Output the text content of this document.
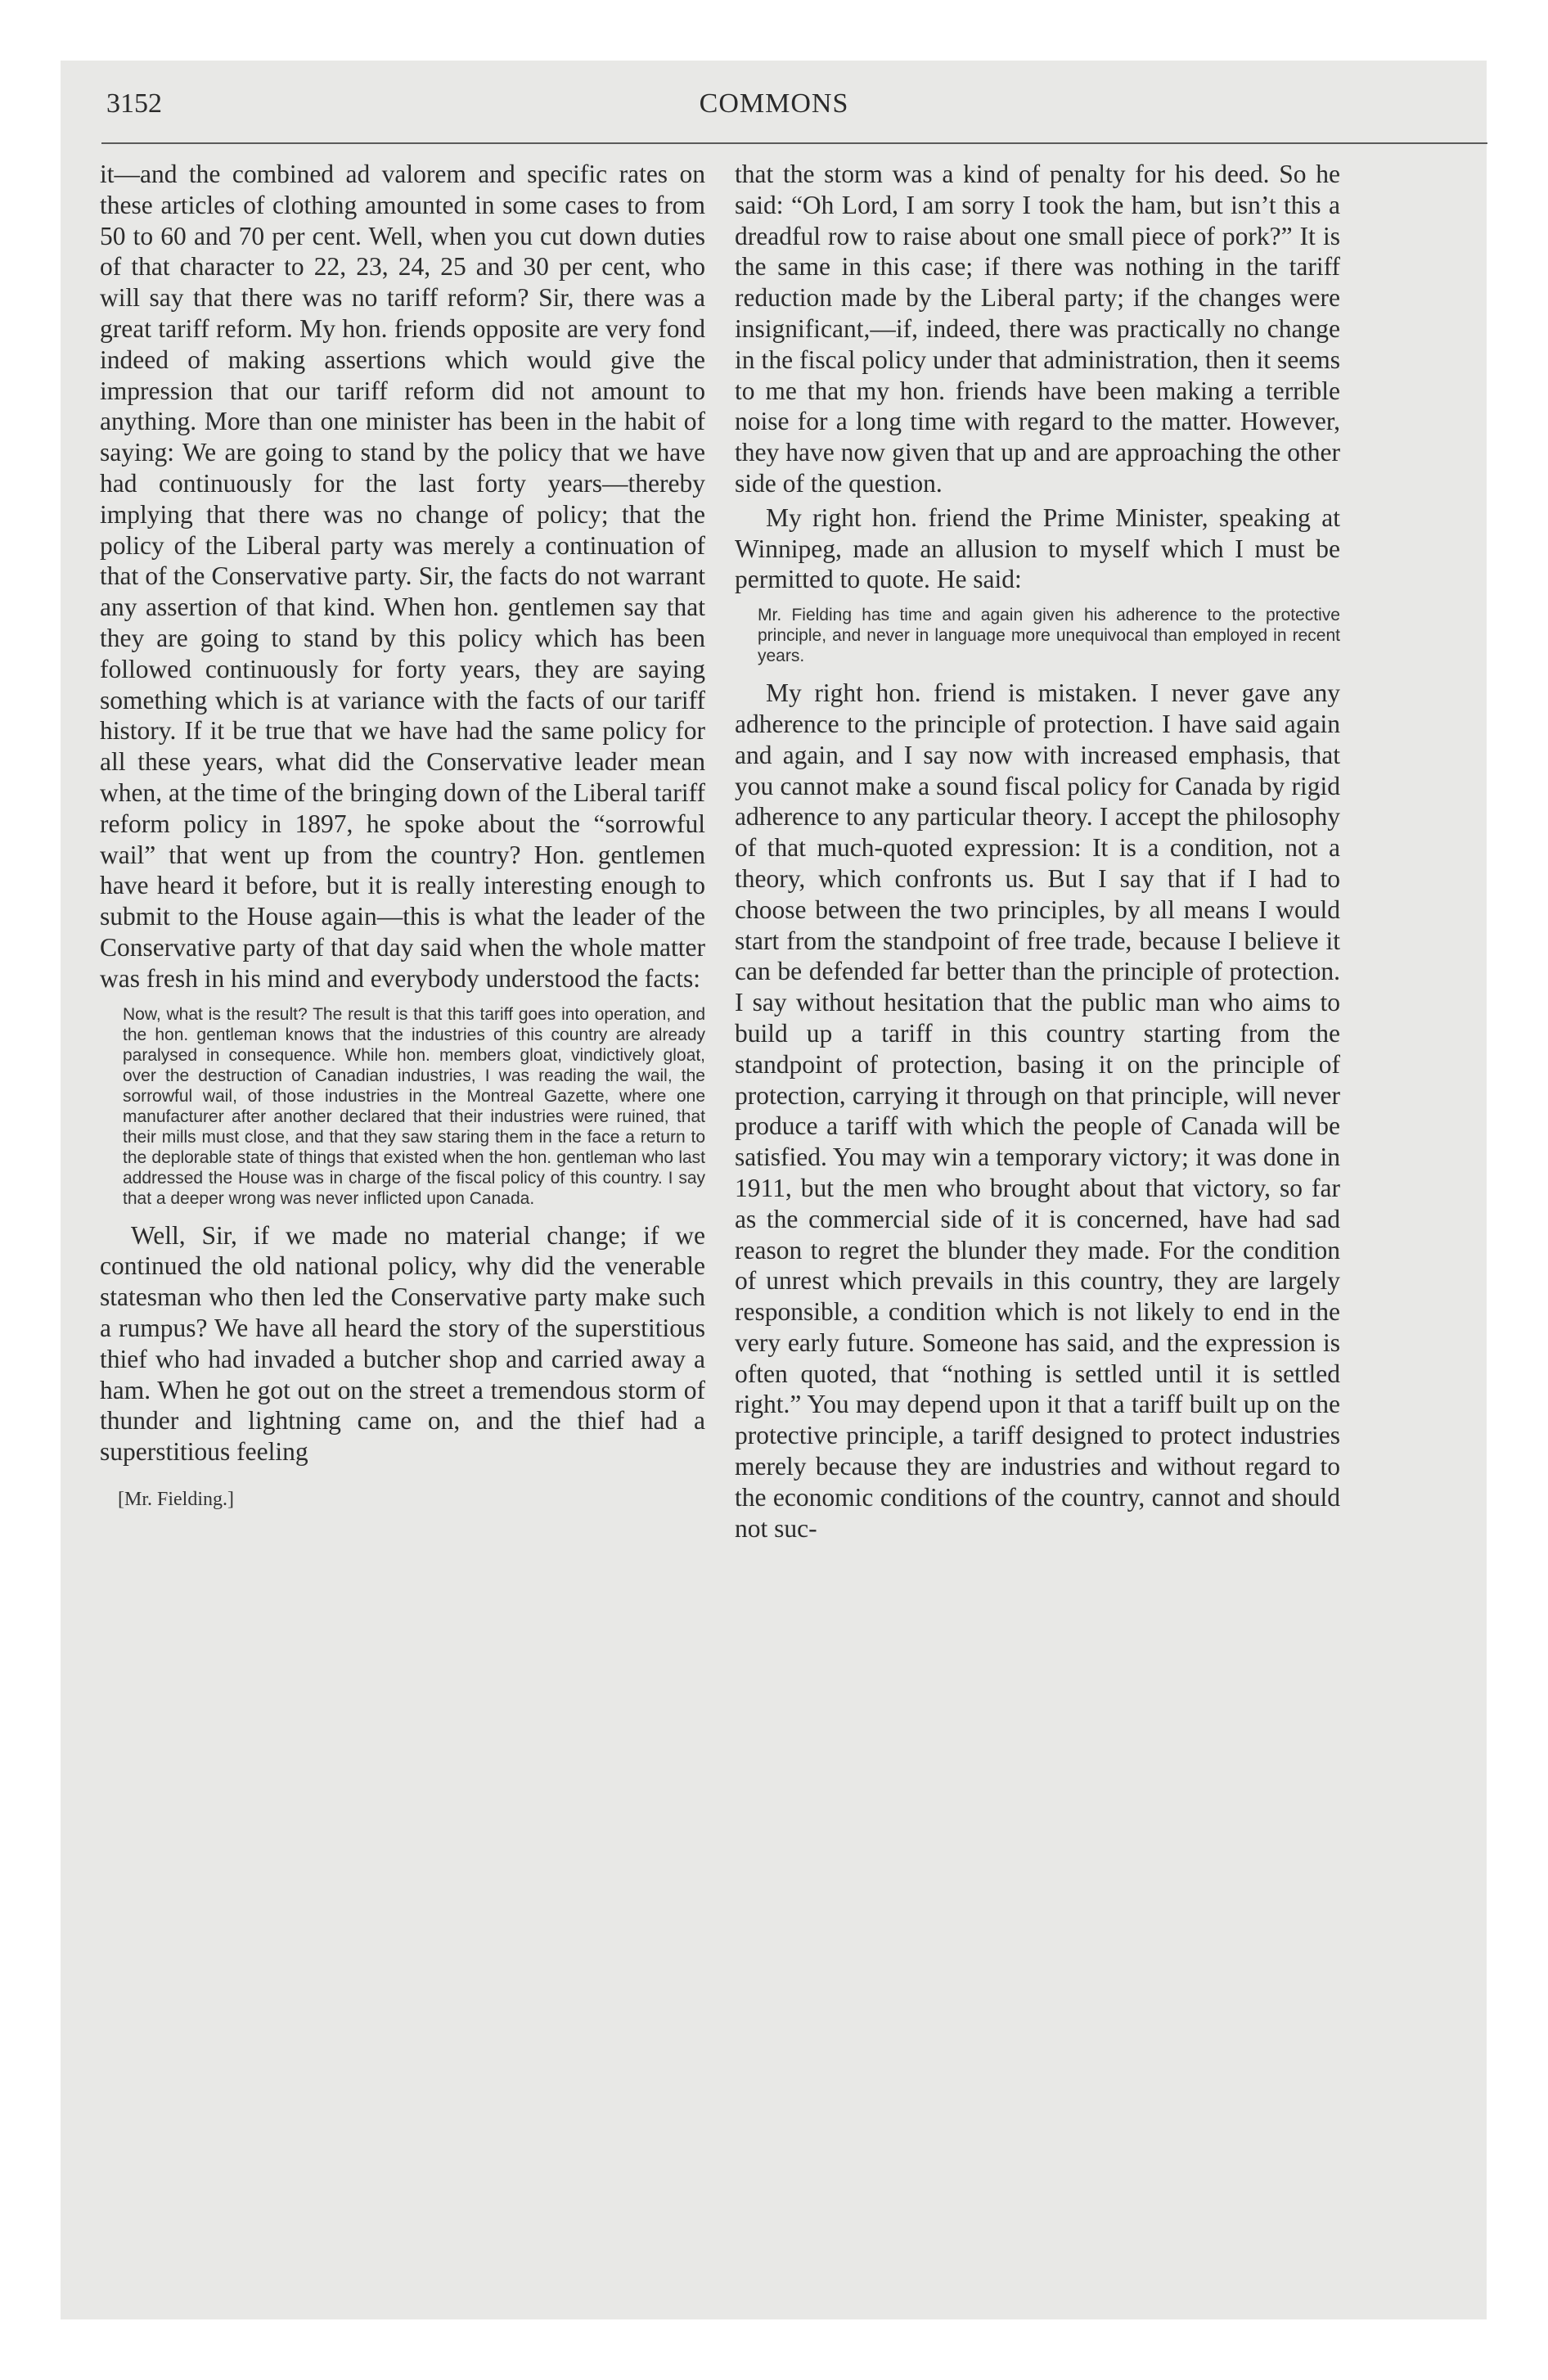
3152	COMMONS

it—and the combined ad valorem and specific rates on these articles of clothing amounted in some cases to from 50 to 60 and 70 per cent. Well, when you cut down duties of that character to 22, 23, 24, 25 and 30 per cent, who will say that there was no tariff reform? Sir, there was a great tariff reform. My hon. friends opposite are very fond indeed of making assertions which would give the impression that our tariff reform did not amount to anything. More than one minister has been in the habit of saying: We are going to stand by the policy that we have had continuously for the last forty years—thereby implying that there was no change of policy; that the policy of the Liberal party was merely a continuation of that of the Conservative party. Sir, the facts do not warrant any assertion of that kind. When hon. gentlemen say that they are going to stand by this policy which has been followed continuously for forty years, they are saying something which is at variance with the facts of our tariff history. If it be true that we have had the same policy for all these years, what did the Conservative leader mean when, at the time of the bringing down of the Liberal tariff reform policy in 1897, he spoke about the “sorrowful wail” that went up from the country? Hon. gentlemen have heard it before, but it is really interesting enough to submit to the House again—this is what the leader of the Conservative party of that day said when the whole matter was fresh in his mind and everybody understood the facts:

Now, what is the result? The result is that this tariff goes into operation, and the hon. gentleman knows that the industries of this country are already paralysed in consequence. While hon. members gloat, vindictively gloat, over the destruction of Canadian industries, I was reading the wail, the sorrowful wail, of those industries in the Montreal Gazette, where one manufacturer after another declared that their industries were ruined, that their mills must close, and that they saw staring them in the face a return to the deplorable state of things that existed when the hon. gentleman who last addressed the House was in charge of the fiscal policy of this country. I say that a deeper wrong was never inflicted upon Canada.

Well, Sir, if we made no material change; if we continued the old national policy, why did the venerable statesman who then led the Conservative party make such a rumpus? We have all heard the story of the superstitious thief who had invaded a butcher shop and carried away a ham. When he got out on the street a tremendous storm of thunder and lightning came on, and the thief had a superstitious feeling

[Mr. Fielding.]

that the storm was a kind of penalty for his deed. So he said: “Oh Lord, I am sorry I took the ham, but isn’t this a dreadful row to raise about one small piece of pork?” It is the same in this case; if there was nothing in the tariff reduction made by the Liberal party; if the changes were insignificant,—if, indeed, there was practically no change in the fiscal policy under that administration, then it seems to me that my hon. friends have been making a terrible noise for a long time with regard to the matter. However, they have now given that up and are approaching the other side of the question.

My right hon. friend the Prime Minister, speaking at Winnipeg, made an allusion to myself which I must be permitted to quote. He said:

Mr. Fielding has time and again given his adherence to the protective principle, and never in language more unequivocal than employed in recent years.

My right hon. friend is mistaken. I never gave any adherence to the principle of protection. I have said again and again, and I say now with increased emphasis, that you cannot make a sound fiscal policy for Canada by rigid adherence to any particular theory. I accept the philosophy of that much-quoted expression: It is a condition, not a theory, which confronts us. But I say that if I had to choose between the two principles, by all means I would start from the standpoint of free trade, because I believe it can be defended far better than the principle of protection. I say without hesitation that the public man who aims to build up a tariff in this country starting from the standpoint of protection, basing it on the principle of protection, carrying it through on that principle, will never produce a tariff with which the people of Canada will be satisfied. You may win a temporary victory; it was done in 1911, but the men who brought about that victory, so far as the commercial side of it is concerned, have had sad reason to regret the blunder they made. For the condition of unrest which prevails in this country, they are largely responsible, a condition which is not likely to end in the very early future. Someone has said, and the expression is often quoted, that “nothing is settled until it is settled right.” You may depend upon it that a tariff built up on the protective principle, a tariff designed to protect industries merely because they are industries and without regard to the economic conditions of the country, cannot and should not suc-
